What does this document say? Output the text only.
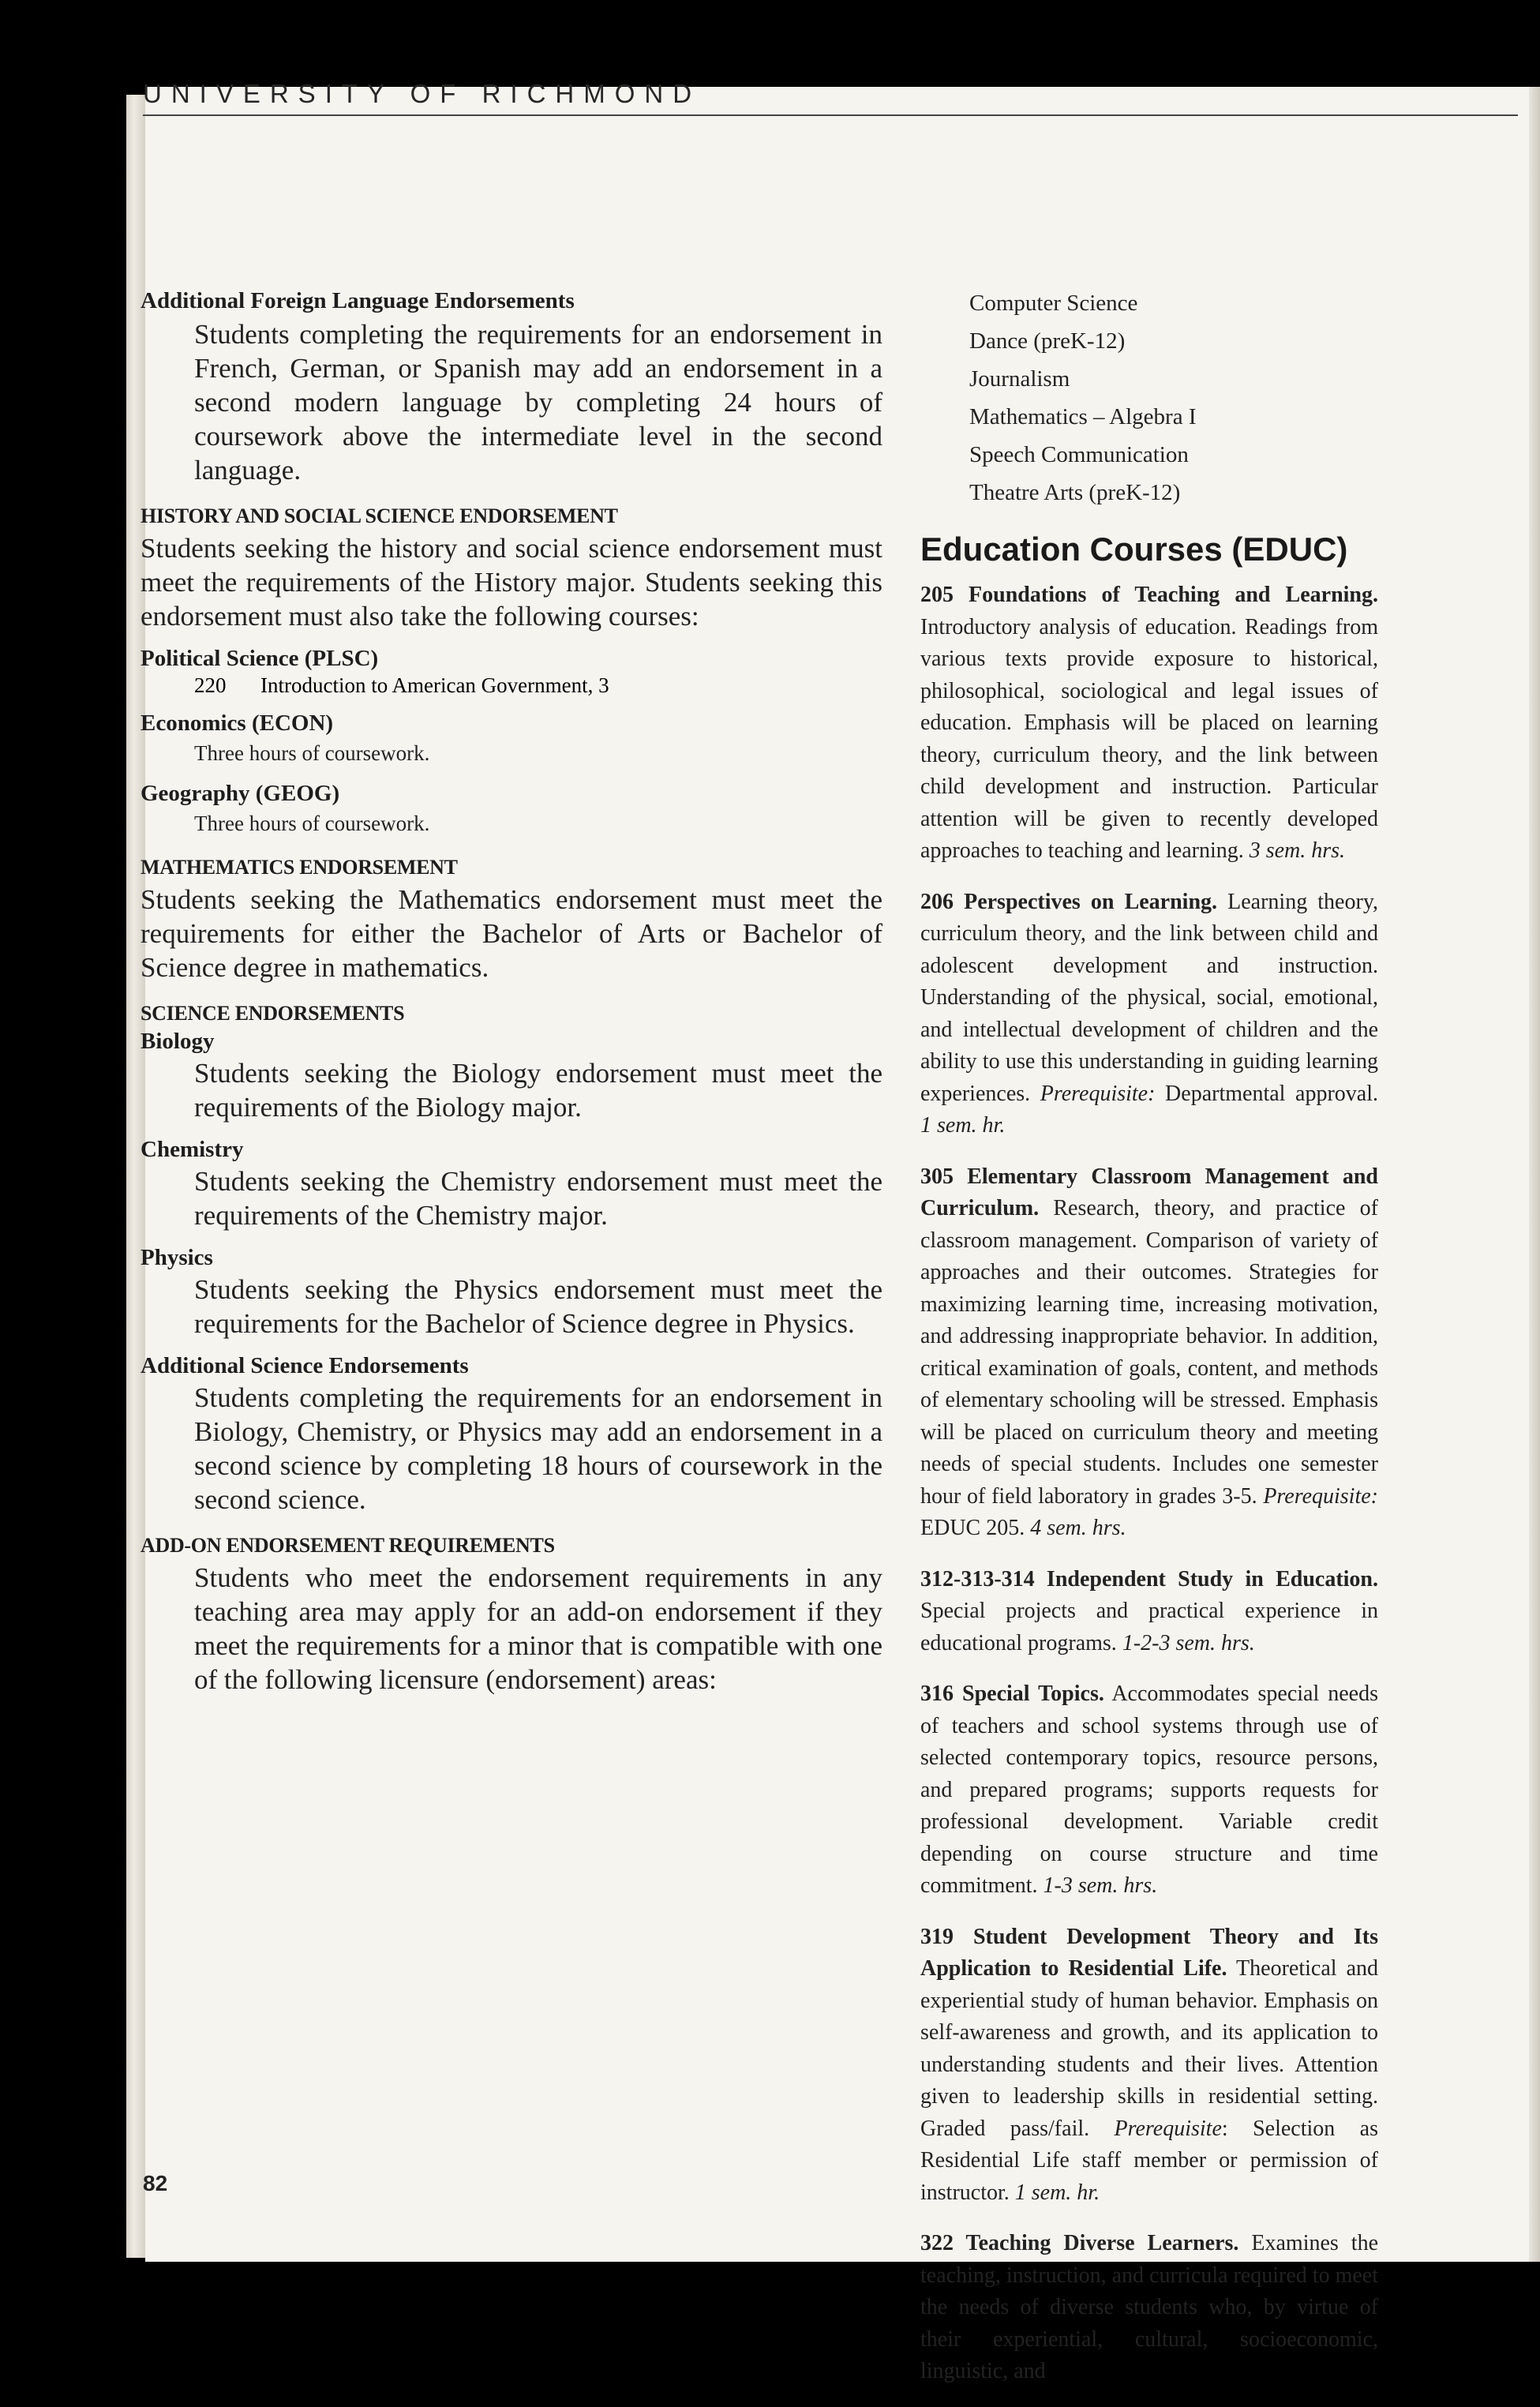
UNIVERSITY OF RICHMOND
Additional Foreign Language Endorsements
Students completing the requirements for an endorsement in French, German, or Spanish may add an endorsement in a second modern language by completing 24 hours of coursework above the intermediate level in the second language.
HISTORY AND SOCIAL SCIENCE ENDORSEMENT
Students seeking the history and social science endorsement must meet the requirements of the History major. Students seeking this endorsement must also take the following courses:
Political Science (PLSC)
220 Introduction to American Government, 3
Economics (ECON)
Three hours of coursework.
Geography (GEOG)
Three hours of coursework.
MATHEMATICS ENDORSEMENT
Students seeking the Mathematics endorsement must meet the requirements for either the Bachelor of Arts or Bachelor of Science degree in mathematics.
SCIENCE ENDORSEMENTS
Biology
Students seeking the Biology endorsement must meet the requirements of the Biology major.
Chemistry
Students seeking the Chemistry endorsement must meet the requirements of the Chemistry major.
Physics
Students seeking the Physics endorsement must meet the requirements for the Bachelor of Science degree in Physics.
Additional Science Endorsements
Students completing the requirements for an endorsement in Biology, Chemistry, or Physics may add an endorsement in a second science by completing 18 hours of coursework in the second science.
ADD-ON ENDORSEMENT REQUIREMENTS
Students who meet the endorsement requirements in any teaching area may apply for an add-on endorsement if they meet the requirements for a minor that is compatible with one of the following licensure (endorsement) areas:
Computer Science
Dance (preK-12)
Journalism
Mathematics – Algebra I
Speech Communication
Theatre Arts (preK-12)
Education Courses (EDUC)
205 Foundations of Teaching and Learning. Introductory analysis of education. Readings from various texts provide exposure to historical, philosophical, sociological and legal issues of education. Emphasis will be placed on learning theory, curriculum theory, and the link between child development and instruction. Particular attention will be given to recently developed approaches to teaching and learning. 3 sem. hrs.
206 Perspectives on Learning. Learning theory, curriculum theory, and the link between child and adolescent development and instruction. Understanding of the physical, social, emotional, and intellectual development of children and the ability to use this understanding in guiding learning experiences. Prerequisite: Departmental approval. 1 sem. hr.
305 Elementary Classroom Management and Curriculum. Research, theory, and practice of classroom management. Comparison of variety of approaches and their outcomes. Strategies for maximizing learning time, increasing motivation, and addressing inappropriate behavior. In addition, critical examination of goals, content, and methods of elementary schooling will be stressed. Emphasis will be placed on curriculum theory and meeting needs of special students. Includes one semester hour of field laboratory in grades 3-5. Prerequisite: EDUC 205. 4 sem. hrs.
312-313-314 Independent Study in Education. Special projects and practical experience in educational programs. 1-2-3 sem. hrs.
316 Special Topics. Accommodates special needs of teachers and school systems through use of selected contemporary topics, resource persons, and prepared programs; supports requests for professional development. Variable credit depending on course structure and time commitment. 1-3 sem. hrs.
319 Student Development Theory and Its Application to Residential Life. Theoretical and experiential study of human behavior. Emphasis on self-awareness and growth, and its application to understanding students and their lives. Attention given to leadership skills in residential setting. Graded pass/fail. Prerequisite: Selection as Residential Life staff member or permission of instructor. 1 sem. hr.
322 Teaching Diverse Learners. Examines the teaching, instruction, and curricula required to meet the needs of diverse students who, by virtue of their experiential, cultural, socioeconomic, linguistic, and
82
